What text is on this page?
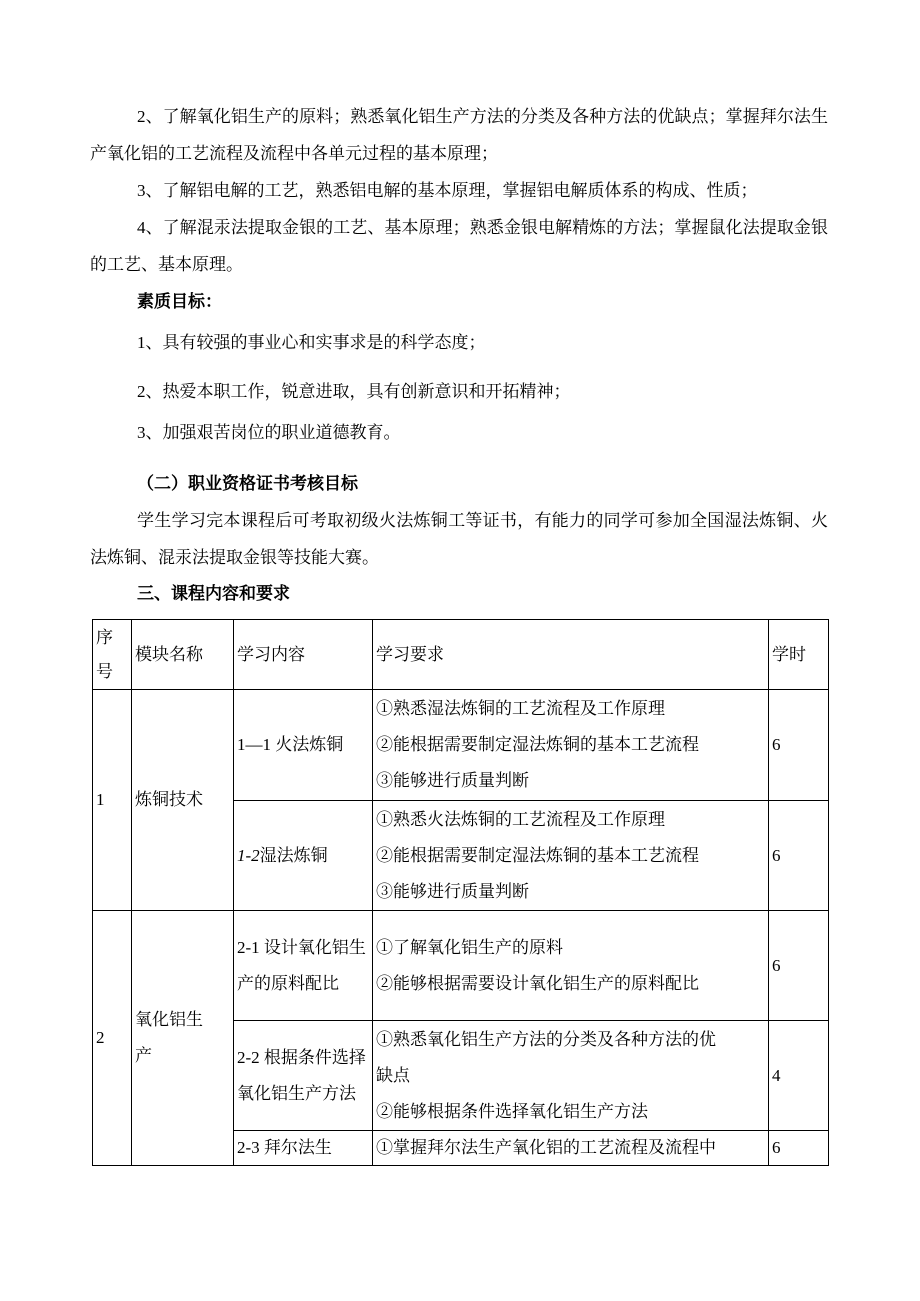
2、了解氧化铝生产的原料；熟悉氧化铝生产方法的分类及各种方法的优缺点；掌握拜尔法生产氧化铝的工艺流程及流程中各单元过程的基本原理；

3、了解铝电解的工艺，熟悉铝电解的基本原理，掌握铝电解质体系的构成、性质；

4、了解混汞法提取金银的工艺、基本原理；熟悉金银电解精炼的方法；掌握鼠化法提取金银的工艺、基本原理。

素质目标：

1、具有较强的事业心和实事求是的科学态度；

2、热爱本职工作，锐意进取，具有创新意识和开拓精神；

3、加强艰苦岗位的职业道德教育。

（二）职业资格证书考核目标

学生学习完本课程后可考取初级火法炼铜工等证书，有能力的同学可参加全国湿法炼铜、火法炼铜、混汞法提取金银等技能大赛。

三、课程内容和要求

序号	模块名称	学习内容	学习要求	学时
1	炼铜技术	1—1 火法炼铜	①熟悉湿法炼铜的工艺流程及工作原理
②能根据需要制定湿法炼铜的基本工艺流程
③能够进行质量判断	6
		1-2湿法炼铜	①熟悉火法炼铜的工艺流程及工作原理
②能根据需要制定湿法炼铜的基本工艺流程
③能够进行质量判断	6
2	氧化铝生产	2-1 设计氧化铝生产的原料配比	①了解氧化铝生产的原料
②能够根据需要设计氧化铝生产的原料配比	6
		2-2 根据条件选择氧化铝生产方法	①熟悉氧化铝生产方法的分类及各种方法的优缺点
②能够根据条件选择氧化铝生产方法	4
		2-3 拜尔法生	①掌握拜尔法生产氧化铝的工艺流程及流程中	6
